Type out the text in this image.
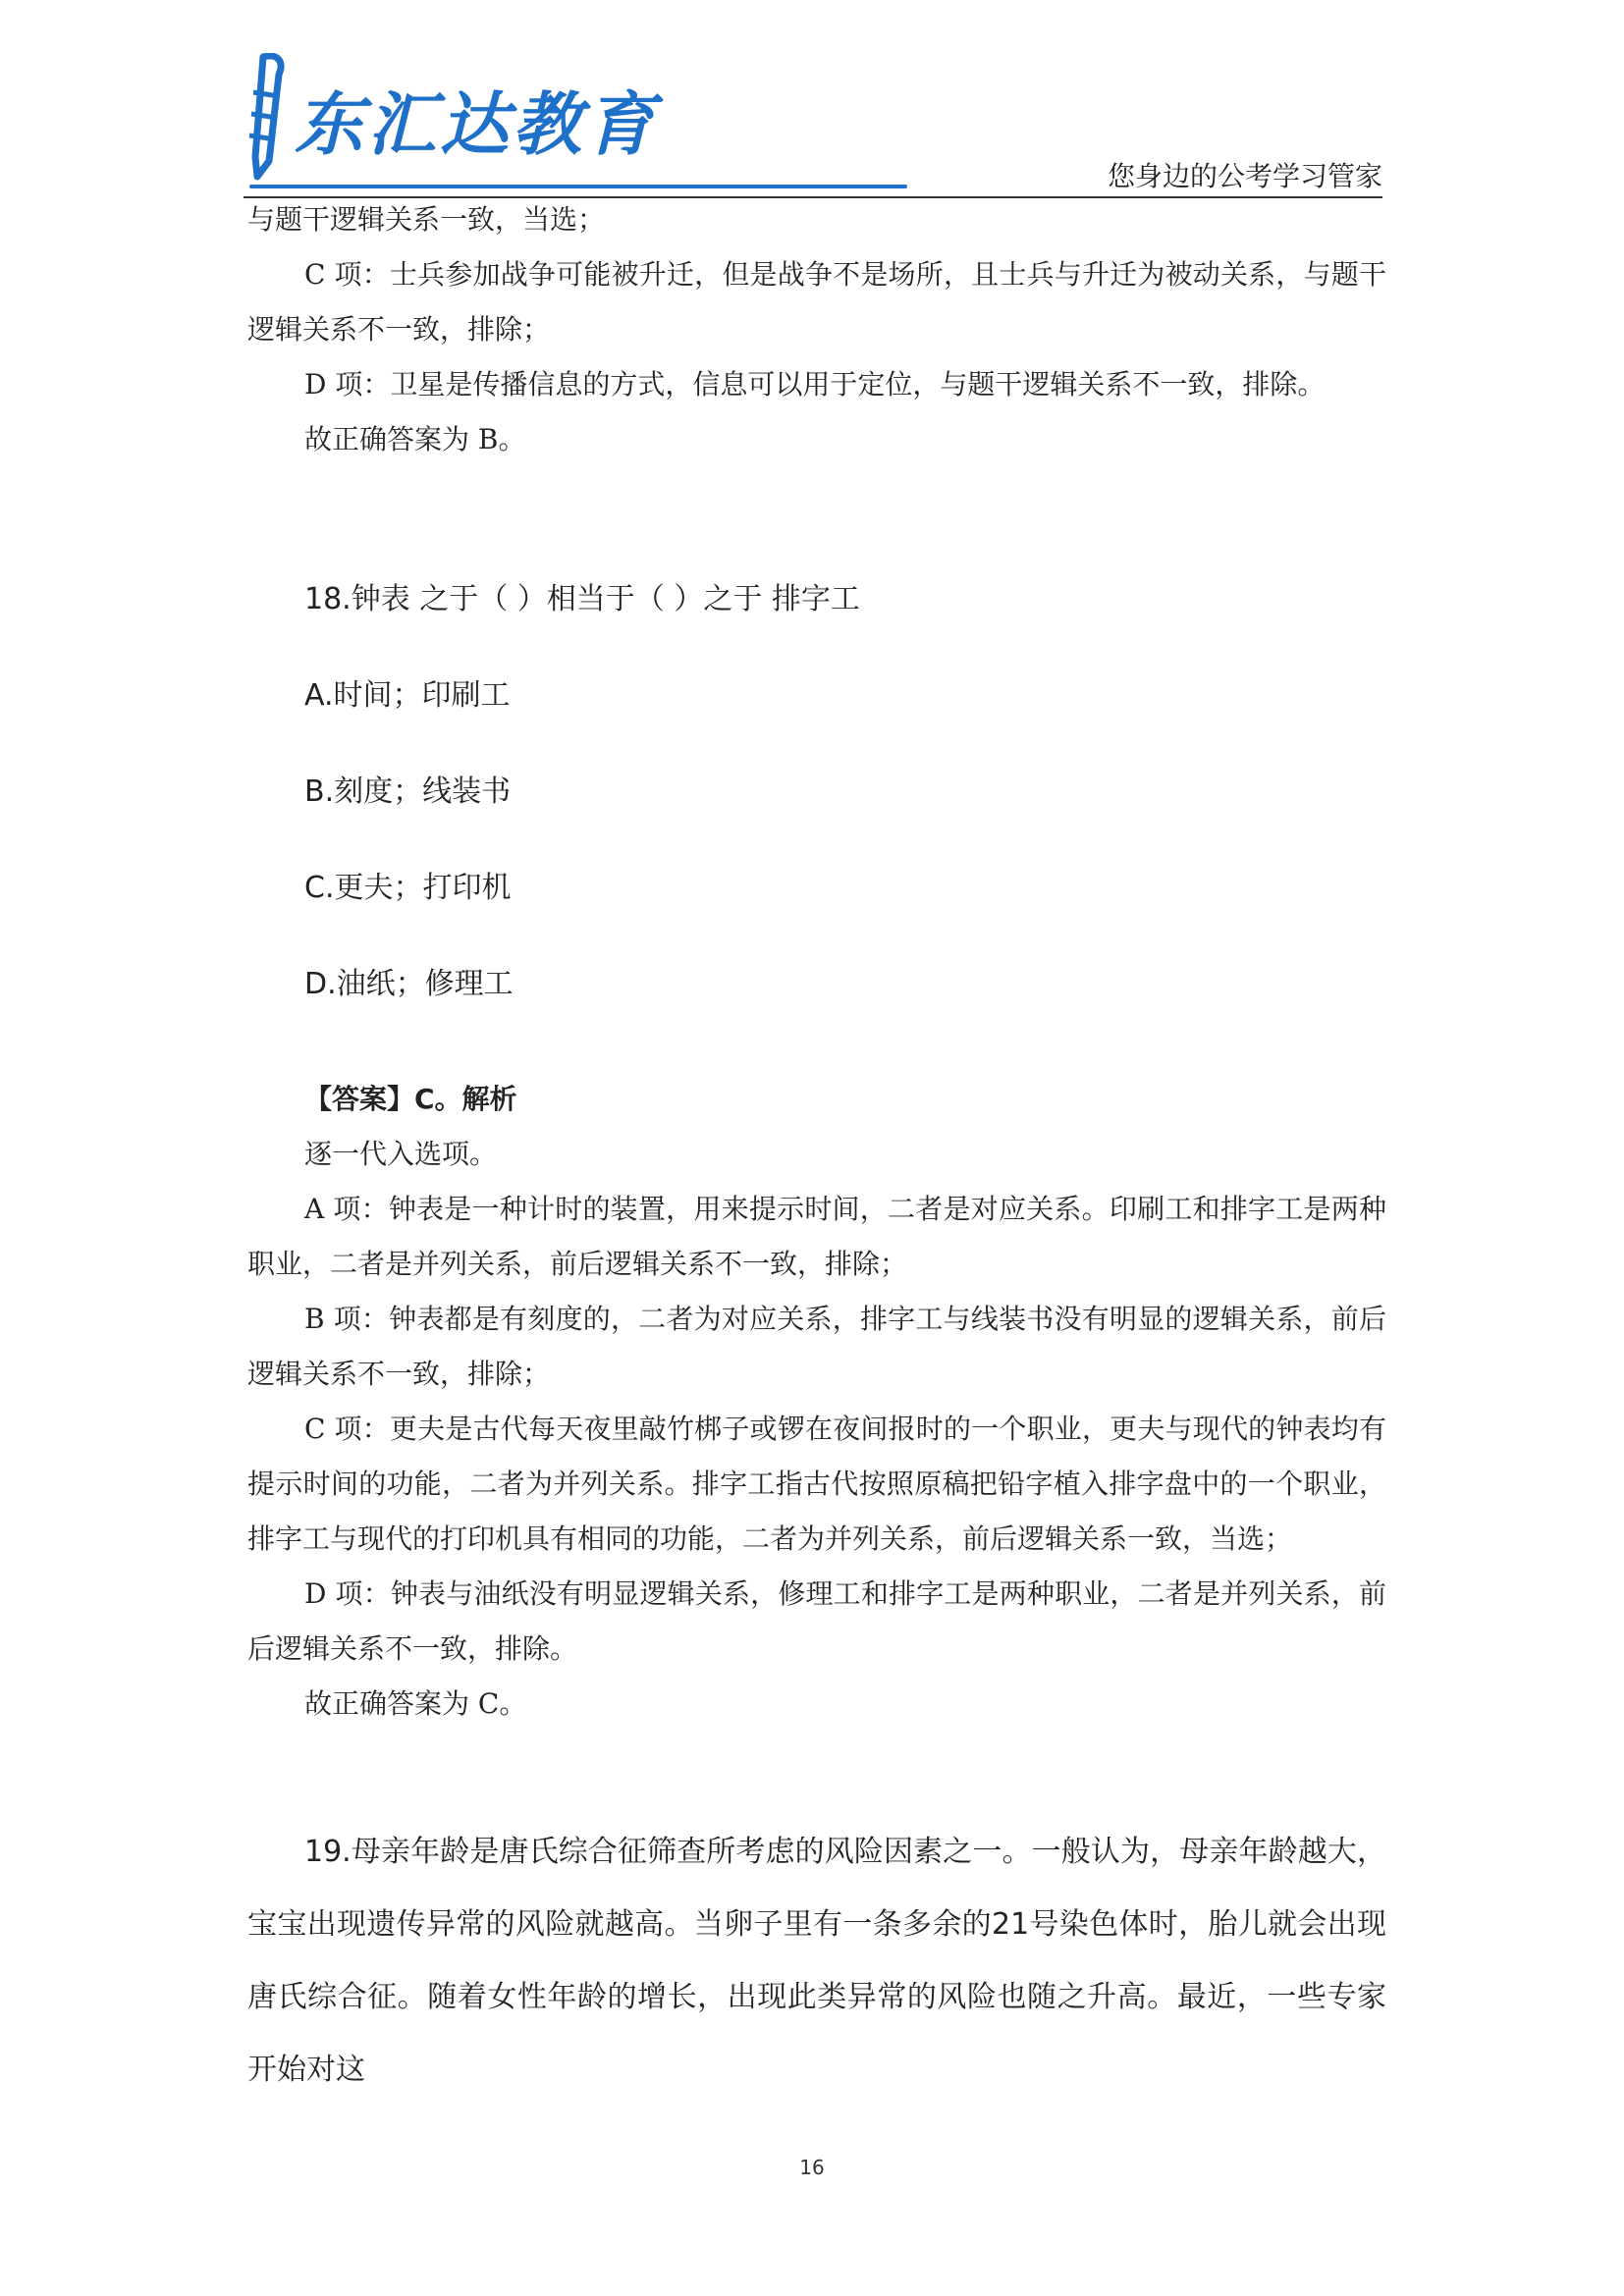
东汇达教育
您身边的公考学习管家

与题干逻辑关系一致，当选；

C 项：士兵参加战争可能被升迁，但是战争不是场所，且士兵与升迁为被动关系，与题干逻辑关系不一致，排除；

D 项：卫星是传播信息的方式，信息可以用于定位，与题干逻辑关系不一致，排除。

故正确答案为 B。

18.钟表 之于（ ）相当于（ ）之于 排字工

A.时间；印刷工

B.刻度；线装书

C.更夫；打印机

D.油纸；修理工

【答案】C。解析

逐一代入选项。

A 项：钟表是一种计时的装置，用来提示时间，二者是对应关系。印刷工和排字工是两种职业，二者是并列关系，前后逻辑关系不一致，排除；

B 项：钟表都是有刻度的，二者为对应关系，排字工与线装书没有明显的逻辑关系，前后逻辑关系不一致，排除；

C 项：更夫是古代每天夜里敲竹梆子或锣在夜间报时的一个职业，更夫与现代的钟表均有提示时间的功能，二者为并列关系。排字工指古代按照原稿把铅字植入排字盘中的一个职业，排字工与现代的打印机具有相同的功能，二者为并列关系，前后逻辑关系一致，当选；

D 项：钟表与油纸没有明显逻辑关系，修理工和排字工是两种职业，二者是并列关系，前后逻辑关系不一致，排除。

故正确答案为 C。

19.母亲年龄是唐氏综合征筛查所考虑的风险因素之一。一般认为，母亲年龄越大，宝宝出现遗传异常的风险就越高。当卵子里有一条多余的21号染色体时，胎儿就会出现唐氏综合征。随着女性年龄的增长，出现此类异常的风险也随之升高。最近，一些专家开始对这

16
